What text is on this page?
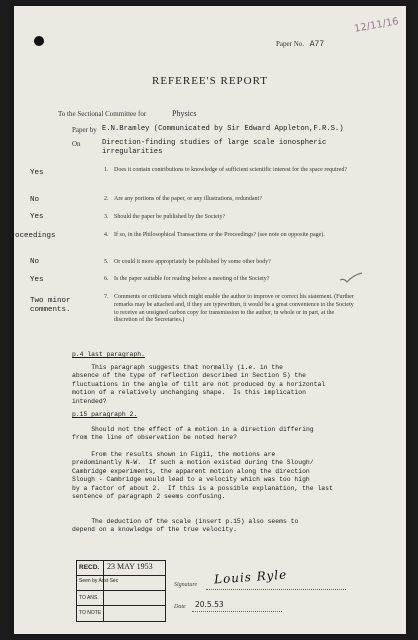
12/11/16
Paper No. A77
REFEREE'S REPORT
To the Sectional Committee for	Physics
Paper by E.N.Bramley (Communicated by Sir Edward Appleton,F.R.S.)
On	Direction-finding studies of large scale ionospheric
irregularities
Yes	1. Does it contain contributions to knowledge of sufficient scientific interest for the space required?
No	2. Are any portions of the paper, or any illustrations, redundant?
Yes	3. Should the paper be published by the Society?
Proceedings	4. If so, in the Philosophical Transactions or the Proceedings? (see note on opposite page).
No	5. Or could it more appropriately be published by some other body?
Yes	6. Is the paper suitable for reading before a meeting of the Society?
Two minor comments.
7. Comments or criticisms which might enable the author to improve or correct his statement. (Further remarks may be attached and, if they are typewritten, it would be a great convenience to the Society to receive an unsigned carbon copy for transmission to the author, in whole or in part, at the discretion of the Secretaries.)
p.4 last paragraph.
This paragraph suggests that normally (i.e. in the
absence of the type of reflection described in Section 5) the
fluctuations in the angle of tilt are not produced by a horizontal
motion of a relatively unchanging shape.  Is this implication
intended?
p.15 paragraph 2.
Should not the effect of a motion in a direction differing
from the line of observation be noted here?
From the results shown in Fig11, the motions are
predominantly N-W.  If such a motion existed during the Slough/
Cambridge experiments, the apparent motion along the direction
Slough - Cambridge would lead to a velocity which was too high
by a factor of about 2.  If this is a possible explanation, the last
sentence of paragraph 2 seems confusing.
The deduction of the scale (insert p.15) also seems to
depend on a knowledge of the true velocity.
RECD. 23 MAY 1953
Seen by Asst Sec
TO ANS.
TO NOTE
Signature Louis Ryle
Date 20.5.53
